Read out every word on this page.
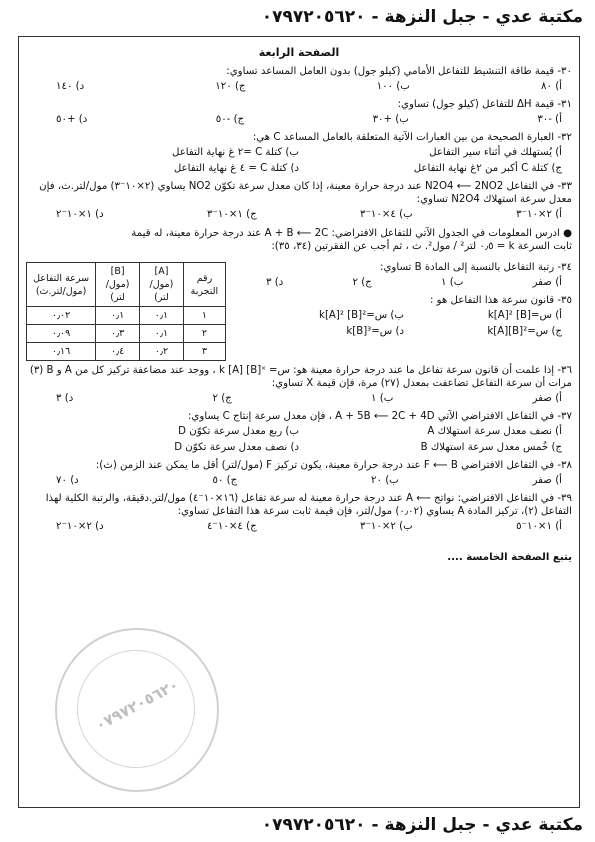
مكتبة عدي - جبل النزهة - ٠٧٩٧٢٠٥٦٢٠
الصفحة الرابعة
٣٠- قيمة طاقة التنشيط للتفاعل الأمامي (كيلو جول) بدون العامل المساعد تساوي:
أ) ٨٠
ب) ١٠٠
ج) ١٢٠
د) ١٤٠
٣١- قيمة ΔH للتفاعل (كيلو جول) تساوي:
أ) -٣٠
ب) +٣٠
ج) -٥٠
د) +٥٠
٣٢- العبارة الصحيحة من بين العبارات الآتية المتعلقة بالعامل المساعد C هي:
أ) يُستهلك في أثناء سير التفاعل
ب) كتلة C =٢ غ نهاية التفاعل
ج) كتلة C أكبر من ٢غ نهاية التفاعل
د) كتلة C = ٤ غ نهاية التفاعل
٣٣- في التفاعل N2O4 ⟵ 2NO2 عند درجة حرارة معينة، إذا كان معدل سرعة تكوّن NO2 يساوي (٢×١٠⁻٣) مول/لتر.ث، فإن معدل سرعة استهلاك N2O4 تساوي:
أ) ٢×١٠⁻٣
ب) ٤×١٠⁻٣
ج) ١×١٠⁻٣
د) ١×١٠⁻٢
● ادرس المعلومات في الجدول الآتي للتفاعل الافتراضي: A + B ⟵ 2C عند درجة حرارة معينة، له قيمة
ثابت السرعة k = ٠٫٥ لتر² / مول². ث ، ثم أجب عن الفقرتين (٣٤، ٣٥):
٣٤- رتبة التفاعل بالنسبة إلى المادة B تساوي:
أ) صفر
ب) ١
ج) ٢
د) ٣
٣٥- قانون سرعة هذا التفاعل هو :
أ) س=k[A]² [B]
ب) س=k[A]² [B]²
ج) س=k[A][B]²
د) س=k[B]³
رقم التجربة	[A] (مول/لتر)	[B] (مول/لتر)	سرعة التفاعل (مول/لتر.ث)
١	٠٫١	٠٫١	٠٫٠٢
٢	٠٫١	٠٫٣	٠٫٠٩
٣	٠٫٢	٠٫٤	٠٫١٦
٣٦- إذا علمت أن قانون سرعة تفاعل ما عند درجة حرارة معينة هو: س= k [A] [B]ˣ ، ووجد عند مضاعفة تركيز كل من A و B (٣) مرات أن سرعة التفاعل تضاعفت بمعدل (٢٧) مرة، فإن قيمة X تساوي:
أ) صفر
ب) ١
ج) ٢
د) ٣
٣٧- في التفاعل الافتراضي الآتي A + 5B ⟵ 2C + 4D ، فإن معدل سرعة إنتاج C يساوي:
أ) نصف معدل سرعة استهلاك A
ب) ربع معدل سرعة تكوّن D
ج) خُمس معدل سرعة استهلاك B
د) نصف معدل سرعة تكوّن D
٣٨- في التفاعل الافتراضي F ⟵ B عند درجة حرارة معينة، يكون تركيز F (مول/لتر) أقل ما يمكن عند الزمن (ث):
أ) صفر
ب) ٢٠
ج) ٥٠
د) ٧٠
٣٩- في التفاعل الافتراضي: نواتج ⟵ A عند درجة حرارة معينة له سرعة تفاعل (١٦×١٠⁻٤) مول/لتر.دقيقة، والرتبة الكلية لهذا التفاعل (٢)، تركيز المادة A يساوي (٠٫٠٢) مول/لتر، فإن قيمة ثابت سرعة هذا التفاعل تساوي:
أ) ١×١٠⁻٥
ب) ٢×١٠⁻٣
ج) ٤×١٠⁻٤
د) ٢×١٠⁻٢
يتبع الصفحة الخامسة ....
٠٧٩٧٢٠٥٦٢٠
مكتبة عدي - جبل النزهة - ٠٧٩٧٢٠٥٦٢٠
